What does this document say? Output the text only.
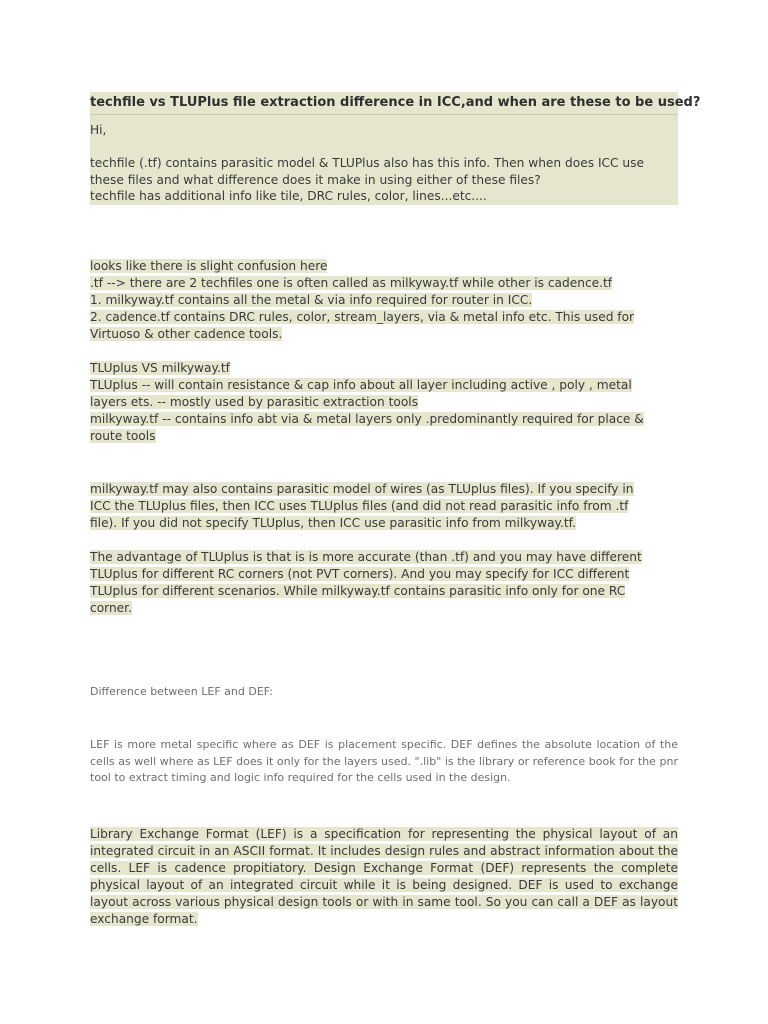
techfile vs TLUPlus file extraction difference in ICC,and when are these to be used?
Hi,
techfile (.tf) contains parasitic model & TLUPlus also has this info. Then when does ICC use
these files and what difference does it make in using either of these files?
techfile has additional info like tile, DRC rules, color, lines...etc....
looks like there is slight confusion here
.tf --> there are 2 techfiles one is often called as milkyway.tf while other is cadence.tf
1. milkyway.tf contains all the metal & via info required for router in ICC.
2. cadence.tf contains DRC rules, color, stream_layers, via & metal info etc. This used for
Virtuoso & other cadence tools.
TLUplus VS milkyway.tf
TLUplus -- will contain resistance & cap info about all layer including active , poly , metal
layers ets. -- mostly used by parasitic extraction tools
milkyway.tf -- contains info abt via & metal layers only .predominantly required for place &
route tools
milkyway.tf may also contains parasitic model of wires (as TLUplus files). If you specify in
ICC the TLUplus files, then ICC uses TLUplus files (and did not read parasitic info from .tf
file). If you did not specify TLUplus, then ICC use parasitic info from milkyway.tf.
The advantage of TLUplus is that is is more accurate (than .tf) and you may have different
TLUplus for different RC corners (not PVT corners). And you may specify for ICC different
TLUplus for different scenarios. While milkyway.tf contains parasitic info only for one RC
corner.
Difference between LEF and DEF:
LEF is more metal specific where as DEF is placement specific. DEF defines the absolute location of the cells as well where as LEF does it only for the layers used. ".lib" is the library or reference book for the pnr tool to extract timing and logic info required for the cells used in the design.
Library Exchange Format (LEF) is a specification for representing the physical layout of an integrated circuit in an ASCII format. It includes design rules and abstract information about the cells. LEF is cadence propitiatory. Design Exchange Format (DEF) represents the complete physical layout of an integrated circuit while it is being designed. DEF is used to exchange layout across various physical design tools or with in same tool. So you can call a DEF as layout exchange format.
